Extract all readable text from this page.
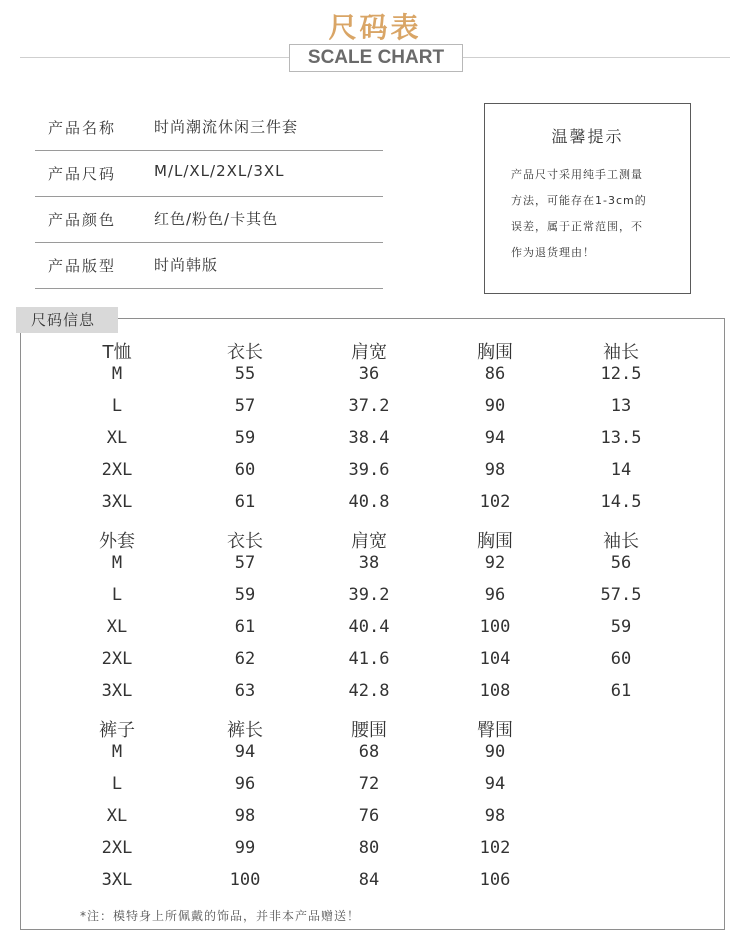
尺码表
SCALE CHART
产品名称	时尚潮流休闲三件套
产品尺码	M/L/XL/2XL/3XL
产品颜色	红色/粉色/卡其色
产品版型	时尚韩版
温馨提示
产品尺寸采用纯手工测量
方法，可能存在1-3cm的
误差，属于正常范围，不
作为退货理由！
尺码信息
T恤	衣长	肩宽	胸围	袖长
M	55	36	86	12.5
L	57	37.2	90	13
XL	59	38.4	94	13.5
2XL	60	39.6	98	14
3XL	61	40.8	102	14.5
外套	衣长	肩宽	胸围	袖长
M	57	38	92	56
L	59	39.2	96	57.5
XL	61	40.4	100	59
2XL	62	41.6	104	60
3XL	63	42.8	108	61
裤子	裤长	腰围	臀围
M	94	68	90
L	96	72	94
XL	98	76	98
2XL	99	80	102
3XL	100	84	106
*注：模特身上所佩戴的饰品，并非本产品赠送！
